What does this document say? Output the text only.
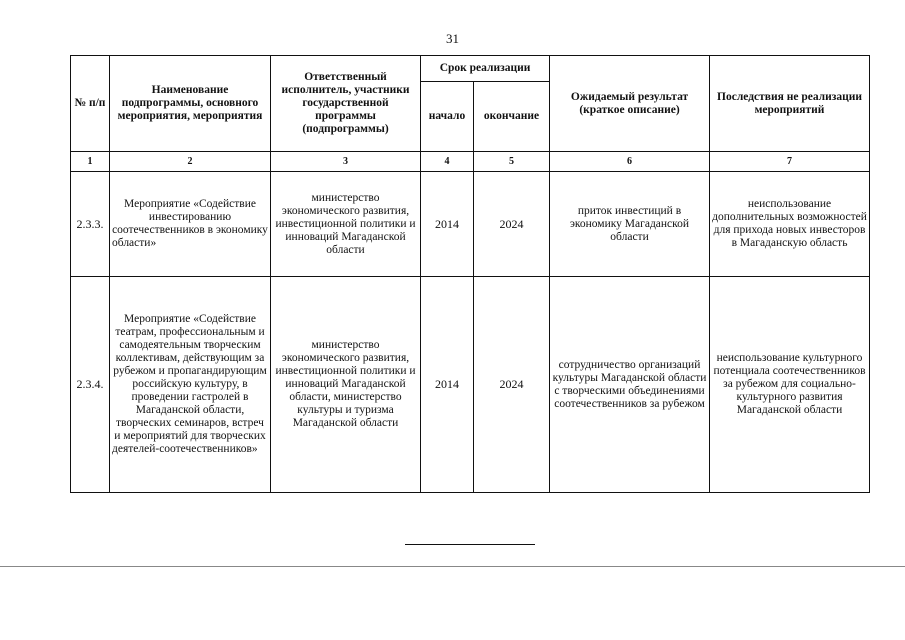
31
№ п/п	Наименование подпрограммы, основного мероприятия, мероприятия	Ответственный исполнитель, участники государственной программы (подпрограммы)	Срок реализации		Ожидаемый результат (краткое описание)	Последствия не реализации мероприятий
			начало	окончание		
1	2	3	4	5	6	7
2.3.3.	Мероприятие «Содействие инвестированию соотечественников в экономику области»	министерство экономического развития, инвестиционной политики и инноваций Магаданской области	2014	2024	приток инвестиций в экономику Магаданской области	неиспользование дополнительных возможностей для прихода новых инвесторов в Магаданскую область
2.3.4.	Мероприятие «Содействие театрам, профессиональным и самодеятельным творческим коллективам, действующим за рубежом и пропагандирующим российскую культуру, в проведении гастролей в Магаданской области, творческих семинаров, встреч и мероприятий для творческих деятелей-соотечественников»	министерство экономического развития, инвестиционной политики и инноваций Магаданской области, министерство культуры и туризма Магаданской области	2014	2024	сотрудничество организаций культуры Магаданской области с творческими объединениями соотечественников за рубежом	неиспользование культурного потенциала соотечественников за рубежом для социально-культурного развития Магаданской области
